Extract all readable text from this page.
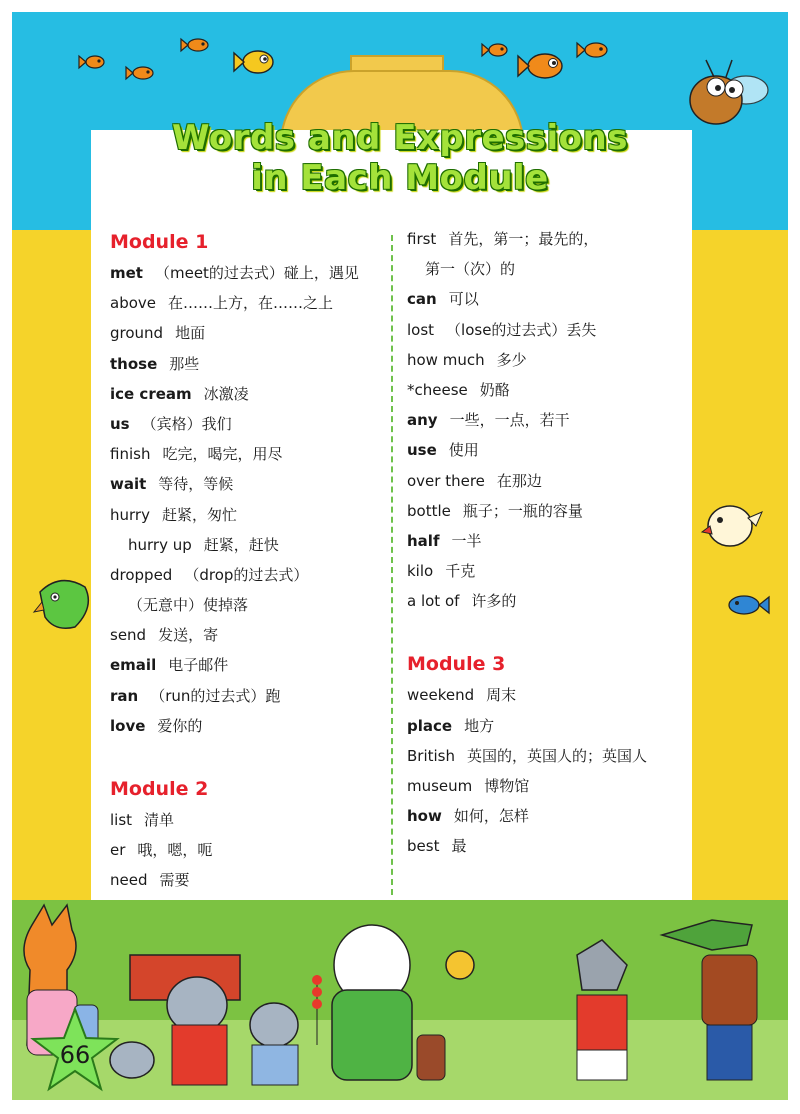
Words and Expressions
in Each Module
Module 1
met （meet的过去式）碰上，遇见
above 在……上方，在……之上
ground 地面
those 那些
ice cream 冰激凌
us （宾格）我们
finish 吃完，喝完，用尽
wait 等待，等候
hurry 赶紧，匆忙
hurry up 赶紧，赶快
dropped （drop的过去式）
（无意中）使掉落
send 发送，寄
email 电子邮件
ran （run的过去式）跑
love 爱你的
Module 2
list 清单
er 哦，嗯，呃
need 需要
first 首先，第一；最先的，
第一（次）的
can 可以
lost （lose的过去式）丢失
how much 多少
*cheese 奶酪
any 一些，一点，若干
use 使用
over there 在那边
bottle 瓶子；一瓶的容量
half 一半
kilo 千克
a lot of 许多的
Module 3
weekend 周末
place 地方
British 英国的，英国人的；英国人
museum 博物馆
how 如何，怎样
best 最
66
